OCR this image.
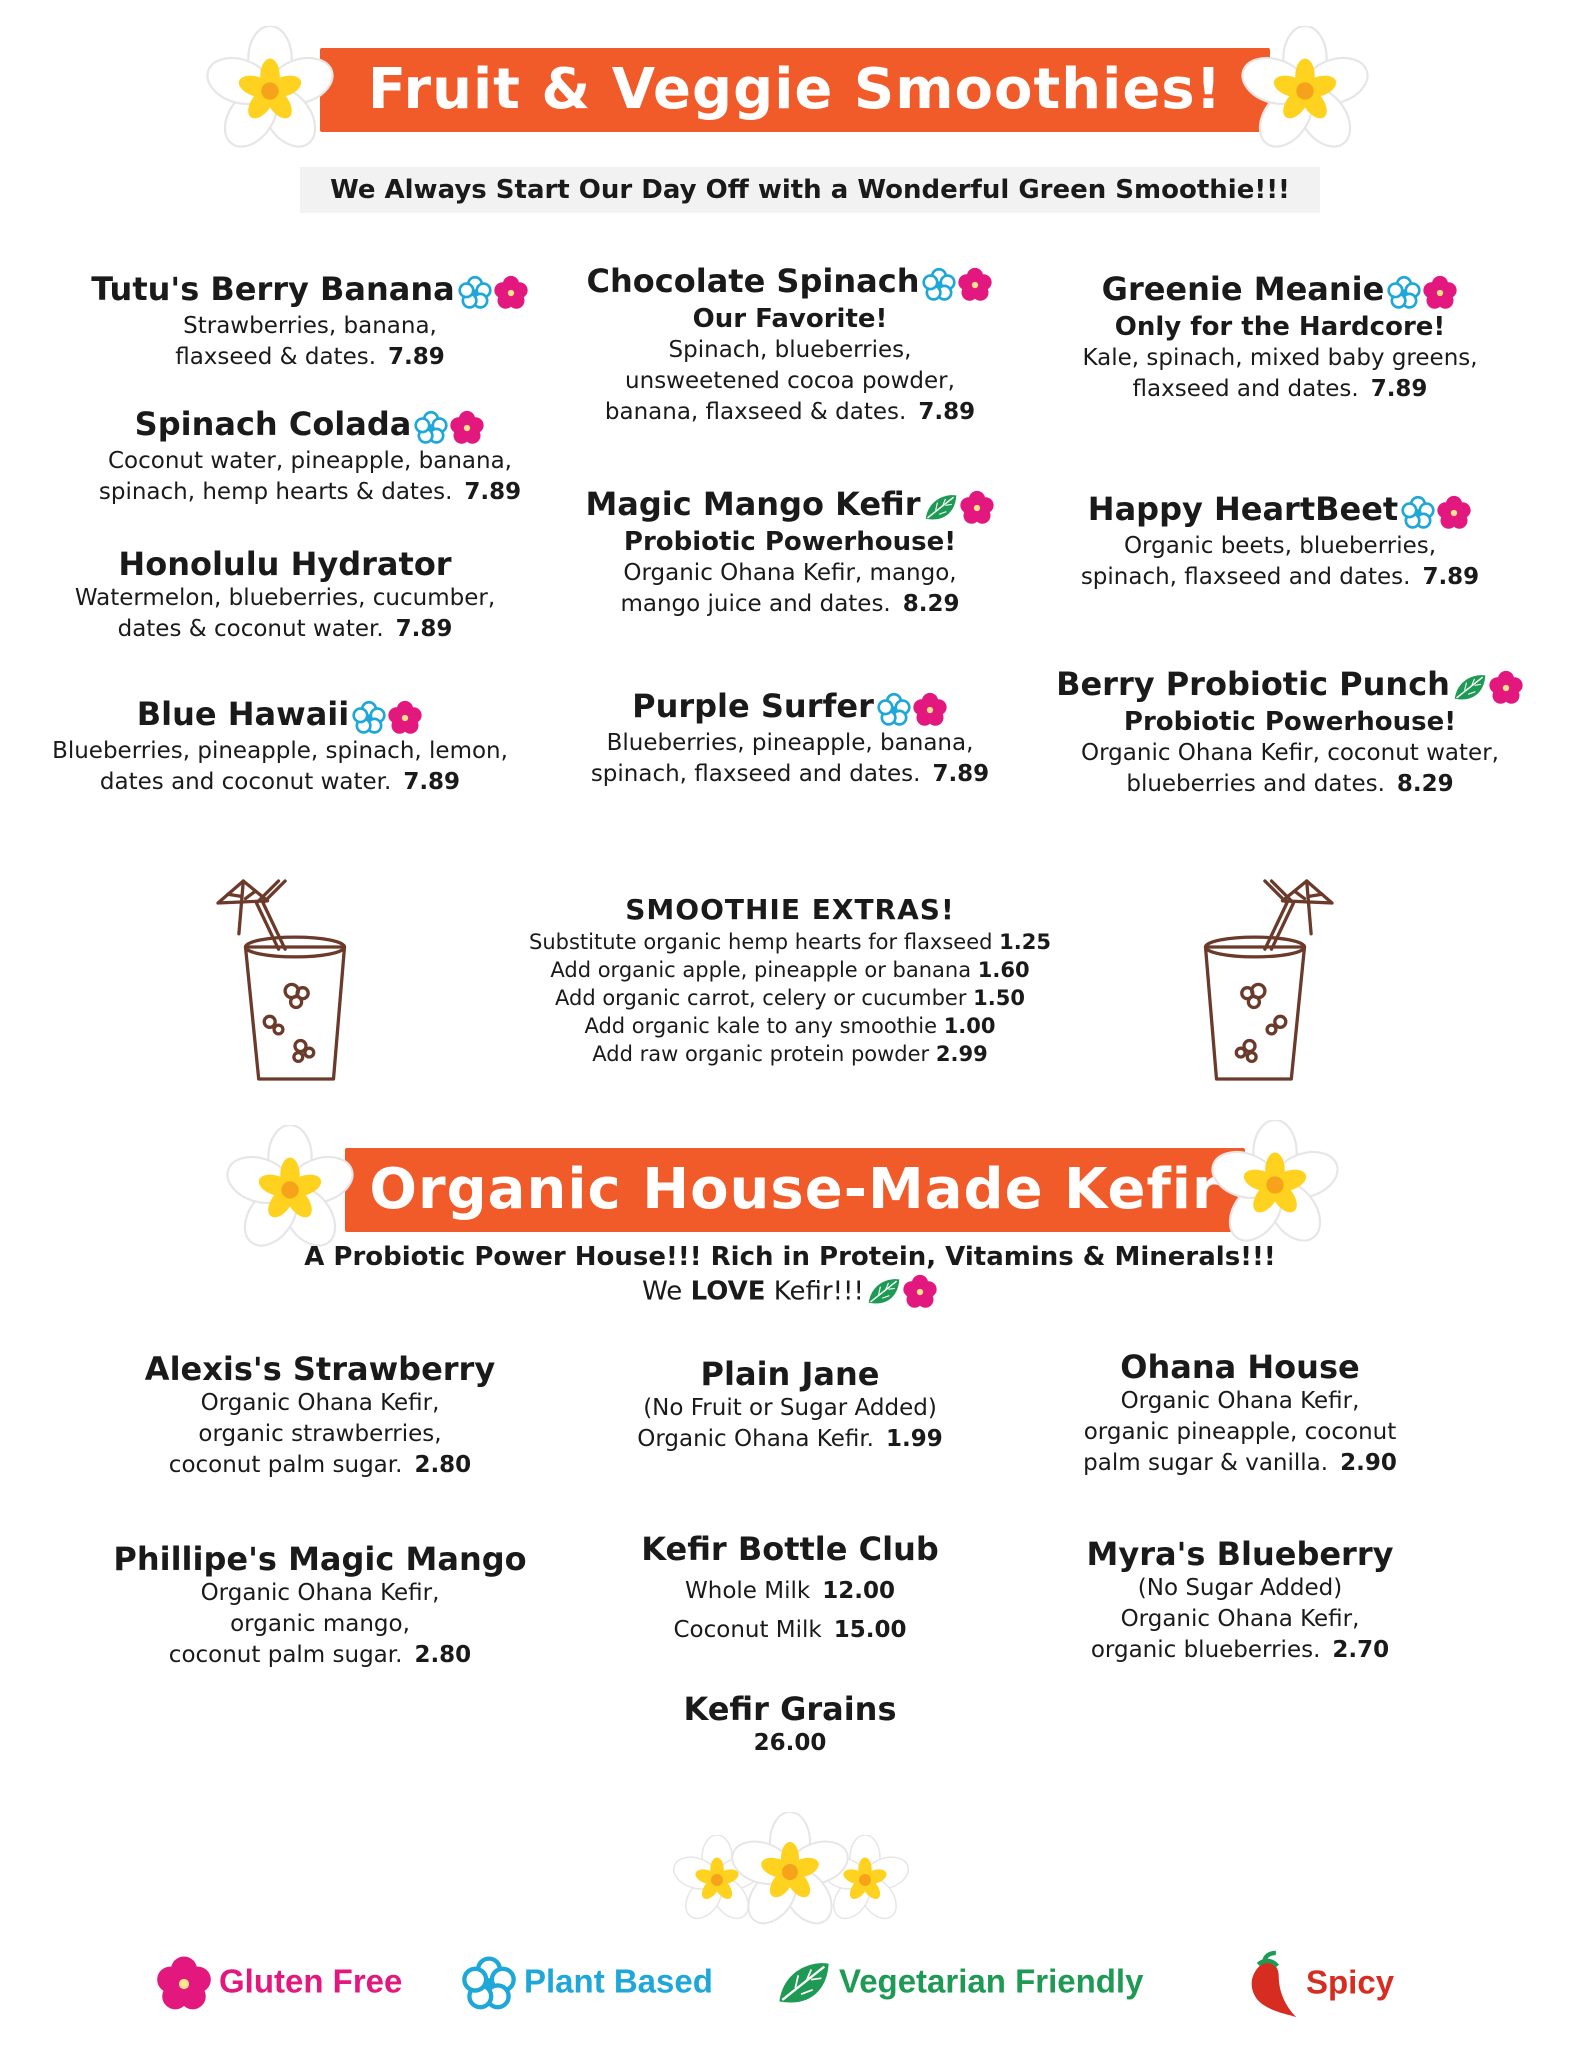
Fruit & Veggie Smoothies!
We Always Start Our Day Off with a Wonderful Green Smoothie!!!
Tutu's Berry Banana
Strawberries, banana,
flaxseed & dates. 7.89
Spinach Colada
Coconut water, pineapple, banana,
spinach, hemp hearts & dates. 7.89
Honolulu Hydrator
Watermelon, blueberries, cucumber,
dates & coconut water. 7.89
Blue Hawaii
Blueberries, pineapple, spinach, lemon,
dates and coconut water. 7.89
Chocolate Spinach
Our Favorite!
Spinach, blueberries,
unsweetened cocoa powder,
banana, flaxseed & dates. 7.89
Magic Mango Kefir
Probiotic Powerhouse!
Organic Ohana Kefir, mango,
mango juice and dates. 8.29
Purple Surfer
Blueberries, pineapple, banana,
spinach, flaxseed and dates. 7.89
Greenie Meanie
Only for the Hardcore!
Kale, spinach, mixed baby greens,
flaxseed and dates. 7.89
Happy HeartBeet
Organic beets, blueberries,
spinach, flaxseed and dates. 7.89
Berry Probiotic Punch
Probiotic Powerhouse!
Organic Ohana Kefir, coconut water,
blueberries and dates. 8.29
SMOOTHIE EXTRAS!
Substitute organic hemp hearts for flaxseed 1.25
Add organic apple, pineapple or banana 1.60
Add organic carrot, celery or cucumber 1.50
Add organic kale to any smoothie 1.00
Add raw organic protein powder 2.99
Organic House-Made Kefir
A Probiotic Power House!!! Rich in Protein, Vitamins & Minerals!!!
We LOVE Kefir!!!
Alexis's Strawberry
Organic Ohana Kefir,
organic strawberries,
coconut palm sugar. 2.80
Phillipe's Magic Mango
Organic Ohana Kefir,
organic mango,
coconut palm sugar. 2.80
Plain Jane
(No Fruit or Sugar Added)
Organic Ohana Kefir. 1.99
Ohana House
Organic Ohana Kefir,
organic pineapple, coconut
palm sugar & vanilla. 2.90
Myra's Blueberry
(No Sugar Added)
Organic Ohana Kefir,
organic blueberries. 2.70
Kefir Bottle Club
Whole Milk 12.00
Coconut Milk 15.00
Kefir Grains
26.00
Gluten Free	Plant Based	Vegetarian Friendly	Spicy
